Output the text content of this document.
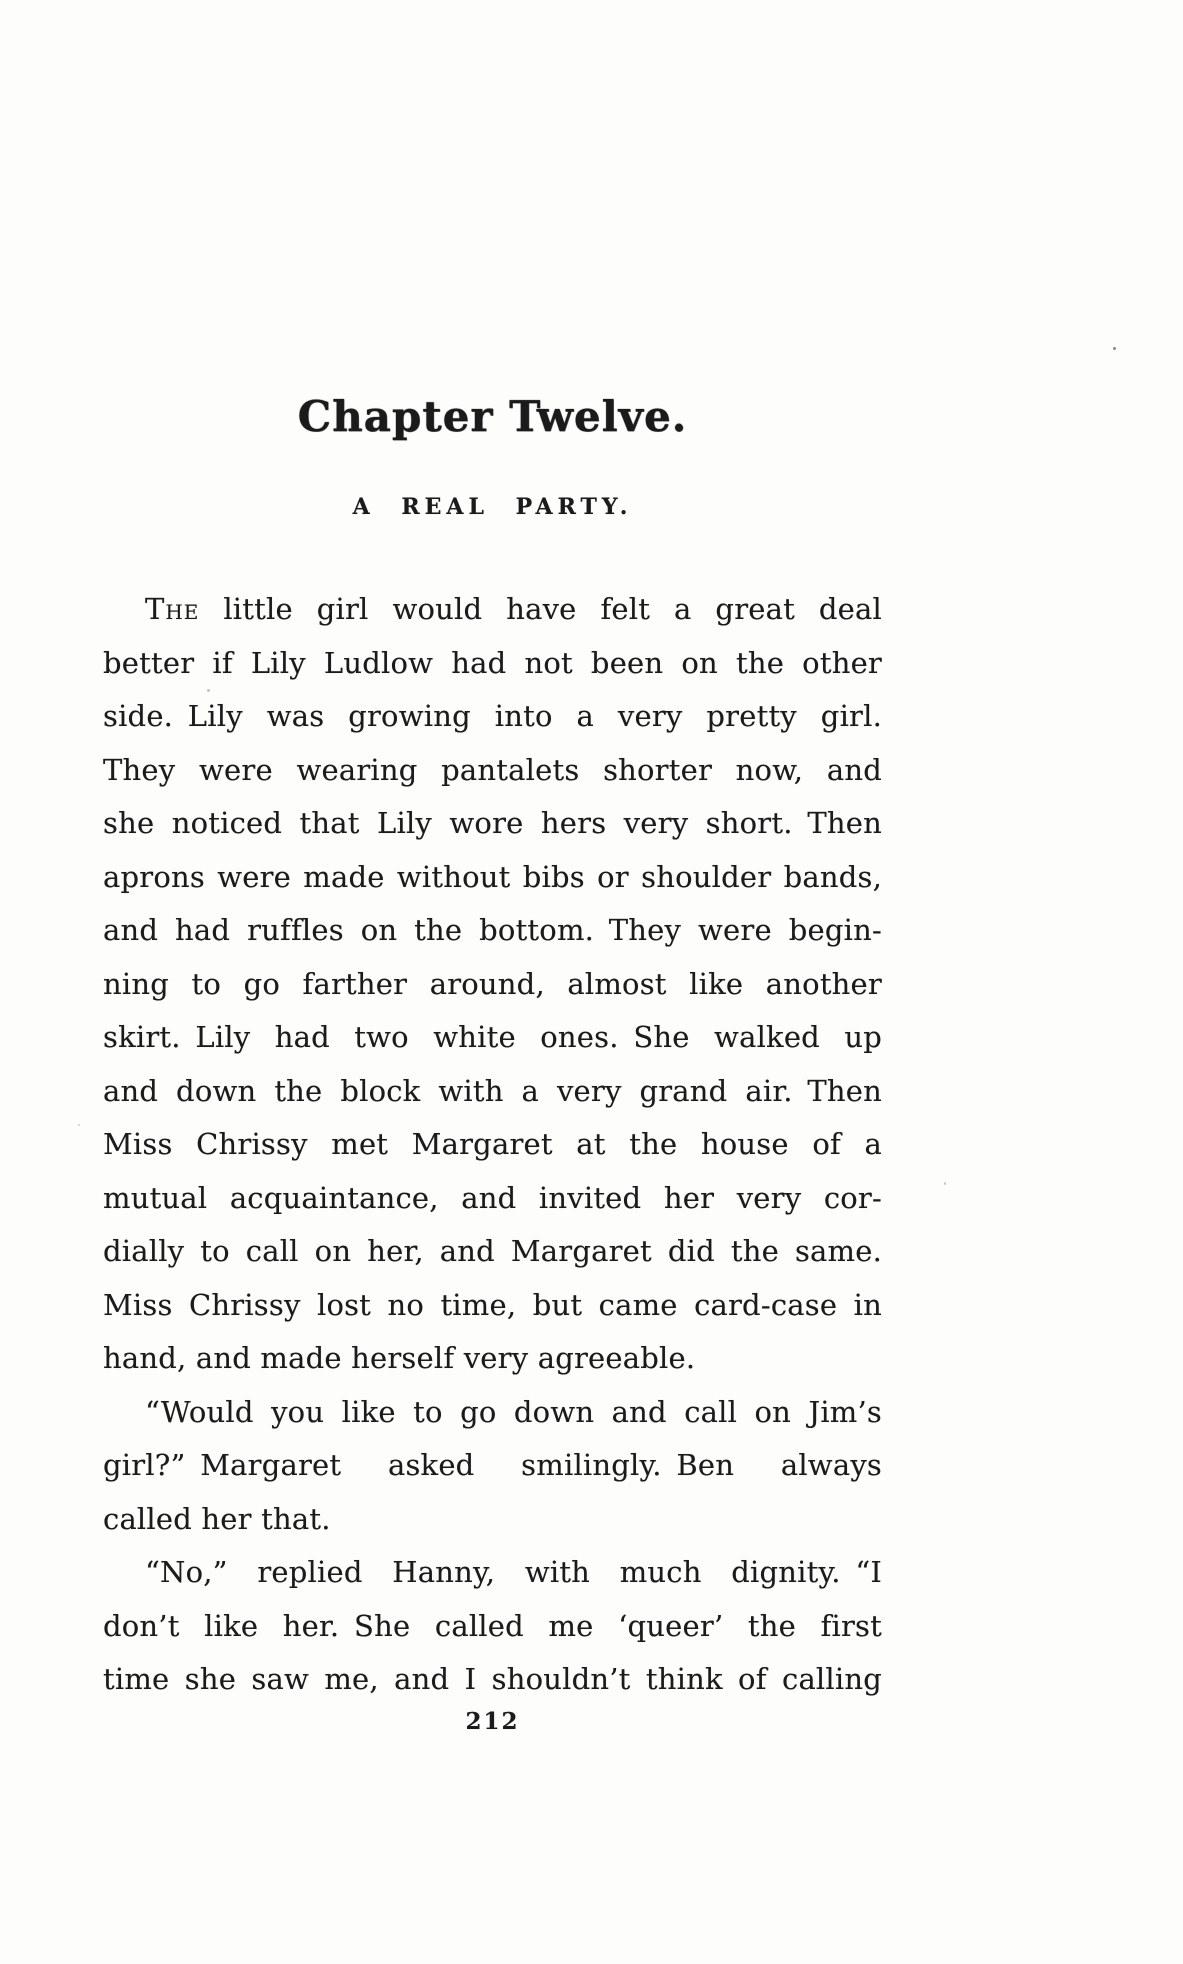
Chapter Twelve.
A REAL PARTY.
The little girl would have felt a great deal
better if Lily Ludlow had not been on the other
side. Lily was growing into a very pretty girl.
They were wearing pantalets shorter now, and
she noticed that Lily wore hers very short. Then
aprons were made without bibs or shoulder bands,
and had ruffles on the bottom. They were begin-
ning to go farther around, almost like another
skirt. Lily had two white ones. She walked up
and down the block with a very grand air. Then
Miss Chrissy met Margaret at the house of a
mutual acquaintance, and invited her very cor-
dially to call on her, and Margaret did the same.
Miss Chrissy lost no time, but came card-case in
hand, and made herself very agreeable.
“Would you like to go down and call on Jim’s
girl?” Margaret asked smilingly. Ben always
called her that.
“No,” replied Hanny, with much dignity. “I
don’t like her. She called me ‘queer’ the first
time she saw me, and I shouldn’t think of calling
212
